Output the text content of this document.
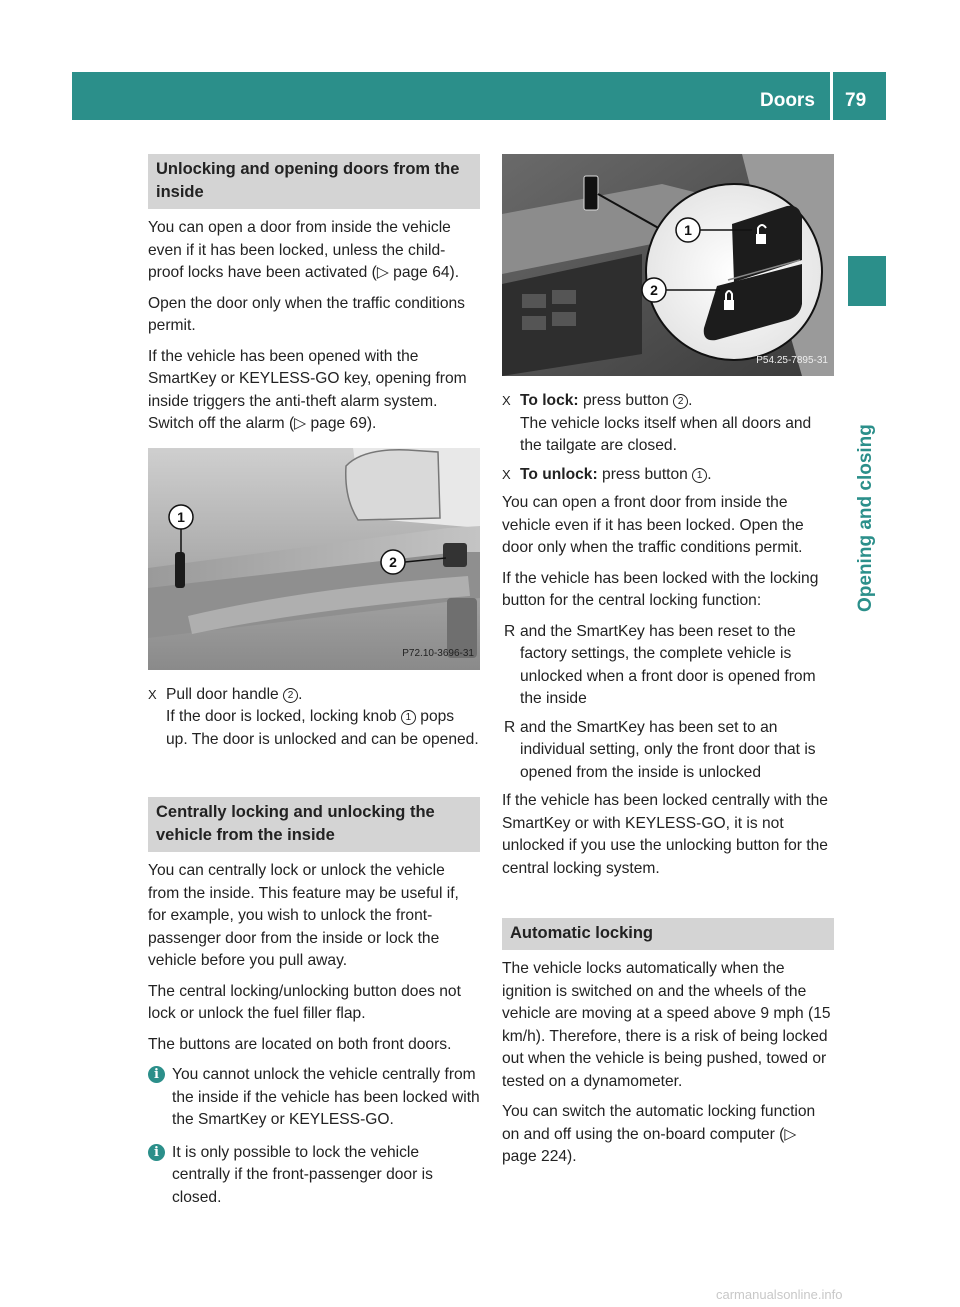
Doors 79
Opening and closing
Unlocking and opening doors from the inside

You can open a door from inside the vehicle even if it has been locked, unless the child-proof locks have been activated (▷ page 64).

Open the door only when the traffic conditions permit.

If the vehicle has been opened with the SmartKey or KEYLESS-GO key, opening from inside triggers the anti-theft alarm system. Switch off the alarm (▷ page 69).

1
2
P72.10-3696-31
X Pull door handle 2 .
If the door is locked, locking knob 1 pops up. The door is unlocked and can be opened.
Centrally locking and unlocking the vehicle from the inside

You can centrally lock or unlock the vehicle from the inside. This feature may be useful if, for example, you wish to unlock the front-passenger door from the inside or lock the vehicle before you pull away.

The central locking/unlocking button does not lock or unlock the fuel filler flap.

The buttons are located on both front doors.

i You cannot unlock the vehicle centrally from the inside if the vehicle has been locked with the SmartKey or KEYLESS-GO.
i It is only possible to lock the vehicle centrally if the front-passenger door is closed.
1
2
P54.25-7895-31
X To lock: press button 2 .
The vehicle locks itself when all doors and the tailgate are closed.
X To unlock: press button 1 .

You can open a front door from inside the vehicle even if it has been locked. Open the door only when the traffic conditions permit.

If the vehicle has been locked with the locking button for the central locking function:

R and the SmartKey has been reset to the factory settings, the complete vehicle is unlocked when a front door is opened from the inside
R and the SmartKey has been set to an individual setting, only the front door that is opened from the inside is unlocked

If the vehicle has been locked centrally with the SmartKey or with KEYLESS-GO, it is not unlocked if you use the unlocking button for the central locking system.

Automatic locking

The vehicle locks automatically when the ignition is switched on and the wheels of the vehicle are moving at a speed above 9 mph (15 km/h). Therefore, there is a risk of being locked out when the vehicle is being pushed, towed or tested on a dynamometer.

You can switch the automatic locking function on and off using the on-board computer (▷ page 224).

carmanualsonline.info
